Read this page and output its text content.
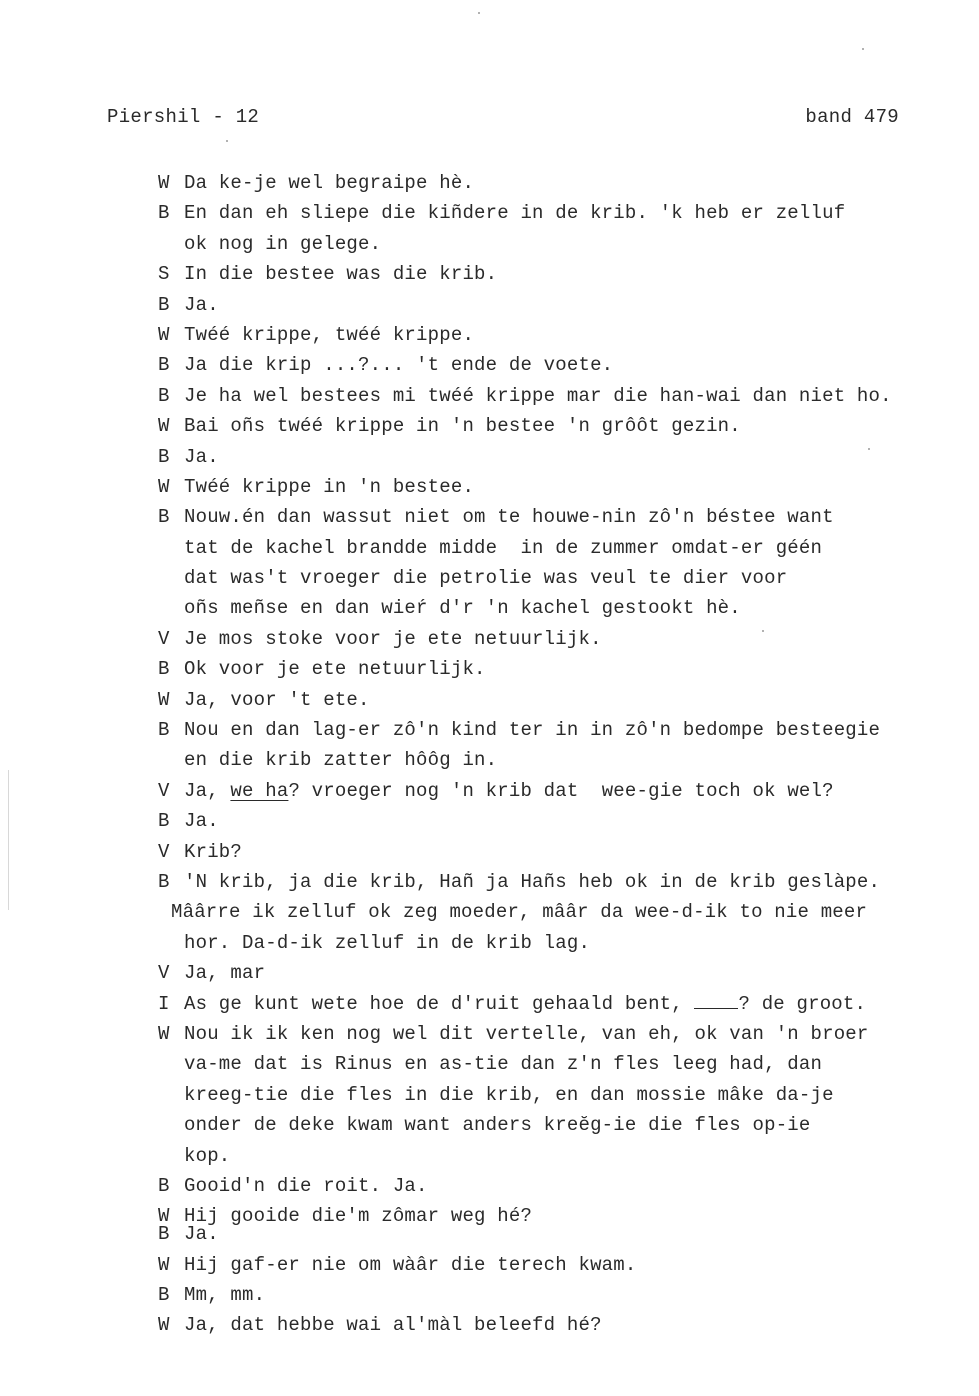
Piershil - 12	band 479
W Da ke-je wel begraipe hè.
B En dan eh sliepe die kiñdere in de krib. 'k heb er zelluf
ok nog in gelege.
S In die bestee was die krib.
B Ja.
W Twéé krippe, twéé krippe.
B Ja die krip ...?... 't ende de voete.
B Je ha wel bestees mi twéé krippe mar die han-wai dan niet ho.
W Bai oñs twéé krippe in 'n bestee 'n grôôt gezin.
B Ja.
W Twéé krippe in 'n bestee.
B Nouw.én dan wassut niet om te houwe-nin zô'n béstee want
tat de kachel brandde midde  in de zummer omdat-er géén
dat was't vroeger die petrolie was veul te dier voor
oñs meñse en dan wieŕ d'r 'n kachel gestookt hè.
V Je mos stoke voor je ete netuurlijk.
B Ok voor je ete netuurlijk.
W Ja, voor 't ete.
B Nou en dan lag-er zô'n kind ter in in zô'n bedompe besteegie
en die krib zatter hôôg in.
V Ja, we ha? vroeger nog 'n krib dat  wee-gie toch ok wel?
B Ja.
V Krib?
B 'N krib, ja die krib, Hañ ja Hañs heb ok in de krib geslàpe.
Mâârre ik zelluf ok zeg moeder, mââr da wee-d-ik to nie meer
hor. Da-d-ik zelluf in de krib lag.
V Ja, mar
I As ge kunt wete hoe de d'ruit gehaald bent, ? de groot.
W Nou ik ik ken nog wel dit vertelle, van eh, ok van 'n broer
va-me dat is Rinus en as-tie dan z'n fles leeg had, dan
kreeg-tie die fles in die krib, en dan mossie mâke da-je
onder de deke kwam want anders kreĕg-ie die fles op-ie
kop.
B Gooid'n die roit. Ja.
W Hij gooide die'm zômar weg hé?
B Ja.
W Hij gaf-er nie om wàâr die terech kwam.
B Mm, mm.
W Ja, dat hebbe wai al'màl beleefd hé?
